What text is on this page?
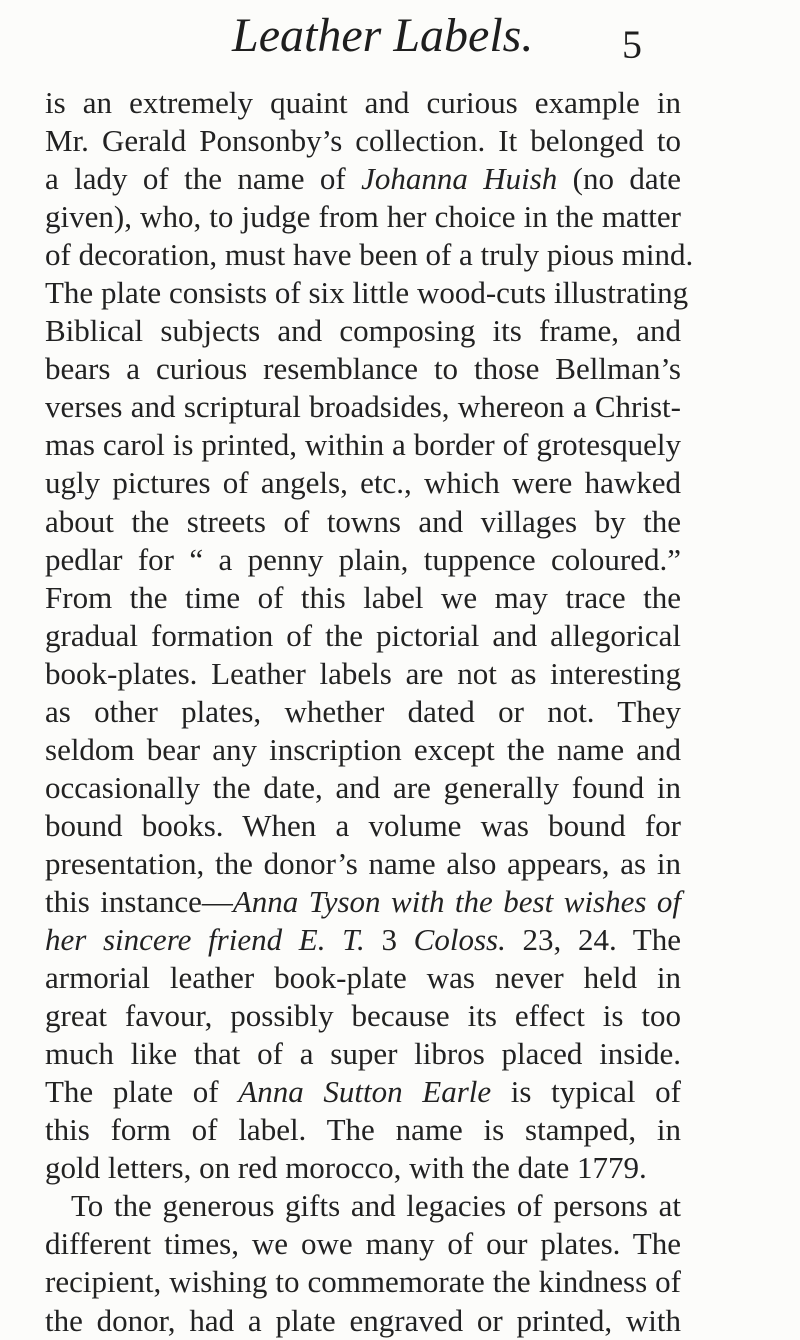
Leather Labels. 5
is an extremely quaint and curious example in
Mr. Gerald Ponsonby’s collection. It belonged to
a lady of the name of Johanna Huish (no date
given), who, to judge from her choice in the matter
of decoration, must have been of a truly pious mind.
The plate consists of six little wood-cuts illustrating
Biblical subjects and composing its frame, and
bears a curious resemblance to those Bellman’s
verses and scriptural broadsides, whereon a Christ-
mas carol is printed, within a border of grotesquely
ugly pictures of angels, etc., which were hawked
about the streets of towns and villages by the
pedlar for “ a penny plain, tuppence coloured.”
From the time of this label we may trace the
gradual formation of the pictorial and allegorical
book-plates. Leather labels are not as interesting
as other plates, whether dated or not. They
seldom bear any inscription except the name and
occasionally the date, and are generally found in
bound books. When a volume was bound for
presentation, the donor’s name also appears, as in
this instance—Anna Tyson with the best wishes of
her sincere friend E. T. 3 Coloss. 23, 24. The
armorial leather book-plate was never held in
great favour, possibly because its effect is too
much like that of a super libros placed inside.
The plate of Anna Sutton Earle is typical of
this form of label. The name is stamped, in
gold letters, on red morocco, with the date 1779.
To the generous gifts and legacies of persons at
different times, we owe many of our plates. The
recipient, wishing to commemorate the kindness of
the donor, had a plate engraved or printed, with
